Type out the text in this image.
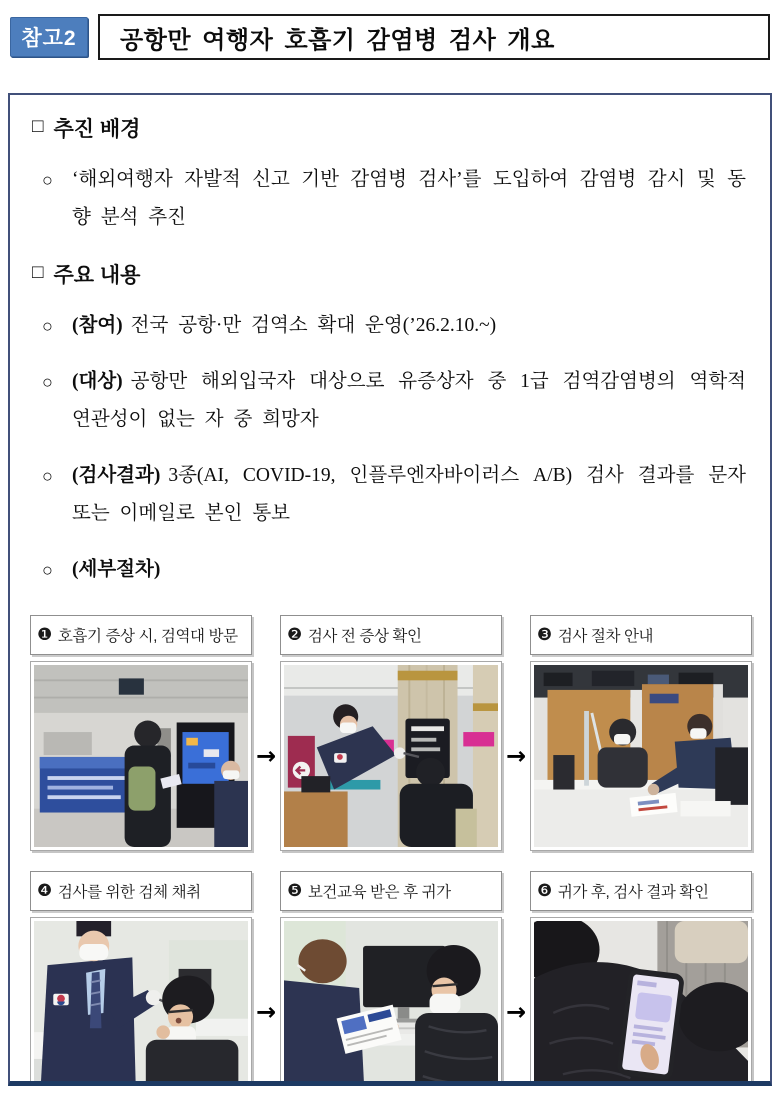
참고2	공항만 여행자 호흡기 감염병 검사 개요
□ 추진 배경
○ ‘해외여행자 자발적 신고 기반 감염병 검사’를 도입하여 감염병 감시 및 동향 분석 추진

□ 주요 내용
○ (참여) 전국 공항·만 검역소 확대 운영(’26.2.10.~)

○ (대상) 공항만 해외입국자 대상으로 유증상자 중 1급 검역감염병의 역학적 연관성이 없는 자 중 희망자

○ (검사결과) 3종(AI, COVID-19, 인플루엔자바이러스 A/B) 검사 결과를 문자 또는 이메일로 본인 통보

○ (세부절차)

❶ 호흡기 증상 시, 검역대 방문
→
❷ 검사 전 증상 확인
→
❸ 검사 절차 안내
❹ 검사를 위한 검체 채취
→
❺ 보건교육 받은 후 귀가
→
❻ 귀가 후, 검사 결과 확인
